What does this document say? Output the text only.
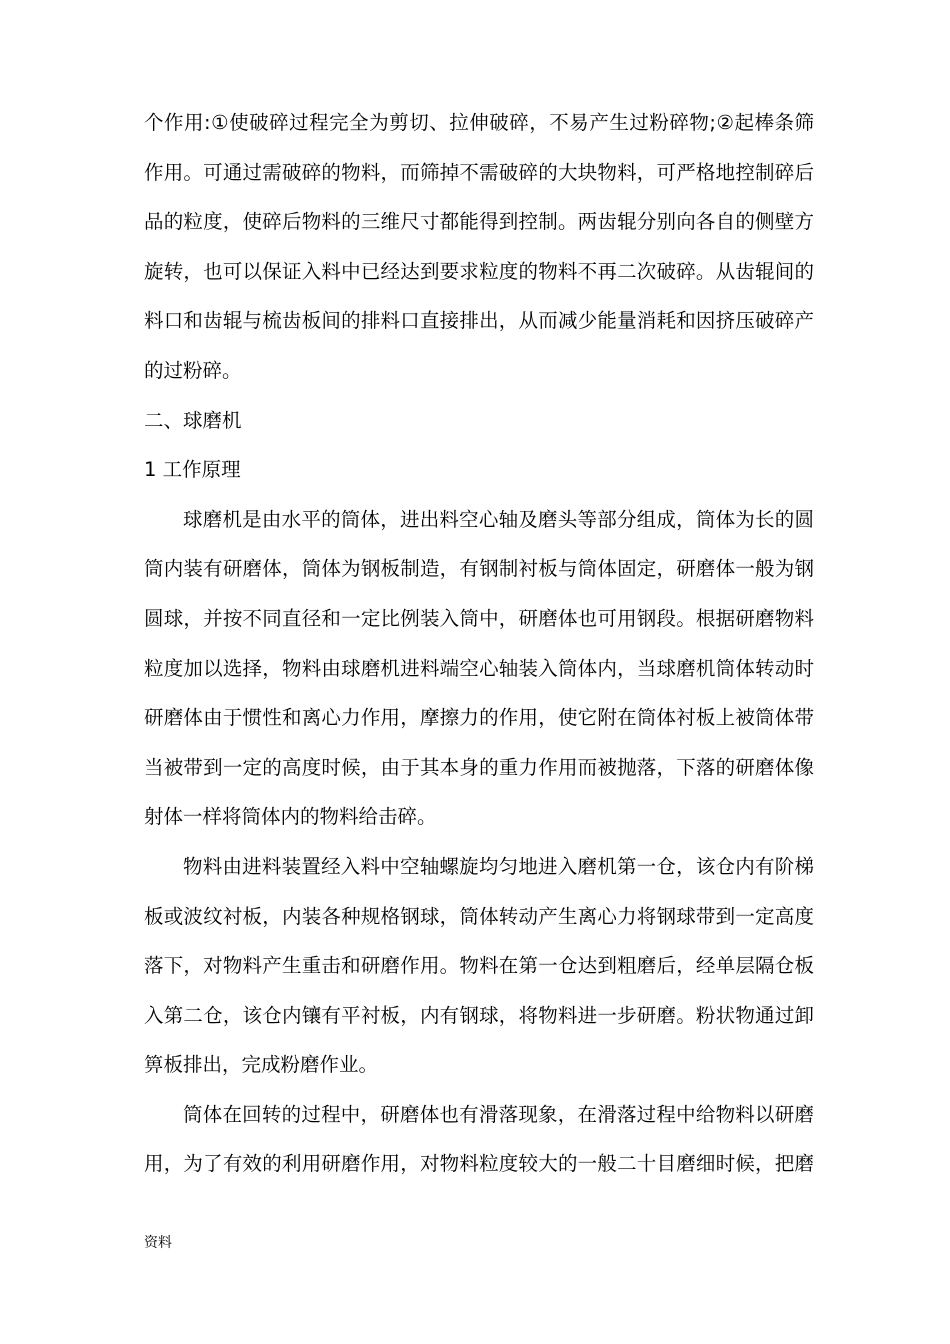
个作用:①使破碎过程完全为剪切、拉伸破碎，不易产生过粉碎物;②起棒条筛
作用。可通过需破碎的物料，而筛掉不需破碎的大块物料，可严格地控制碎后
品的粒度，使碎后物料的三维尺寸都能得到控制。两齿辊分别向各自的侧壁方
旋转，也可以保证入料中已经达到要求粒度的物料不再二次破碎。从齿辊间的
料口和齿辊与梳齿板间的排料口直接排出，从而减少能量消耗和因挤压破碎产
的过粉碎。
二、球磨机
1 工作原理
球磨机是由水平的筒体，进出料空心轴及磨头等部分组成，筒体为长的圆
筒内装有研磨体，筒体为钢板制造，有钢制衬板与筒体固定，研磨体一般为钢
圆球，并按不同直径和一定比例装入筒中，研磨体也可用钢段。根据研磨物料
粒度加以选择，物料由球磨机进料端空心轴装入筒体内，当球磨机筒体转动时
研磨体由于惯性和离心力作用，摩擦力的作用，使它附在筒体衬板上被筒体带
当被带到一定的高度时候，由于其本身的重力作用而被抛落，下落的研磨体像
射体一样将筒体内的物料给击碎。
物料由进料装置经入料中空轴螺旋均匀地进入磨机第一仓，该仓内有阶梯
板或波纹衬板，内装各种规格钢球，筒体转动产生离心力将钢球带到一定高度
落下，对物料产生重击和研磨作用。物料在第一仓达到粗磨后，经单层隔仓板
入第二仓，该仓内镶有平衬板，内有钢球，将物料进一步研磨。粉状物通过卸
箅板排出，完成粉磨作业。
筒体在回转的过程中，研磨体也有滑落现象，在滑落过程中给物料以研磨
用，为了有效的利用研磨作用，对物料粒度较大的一般二十目磨细时候，把磨
资料
